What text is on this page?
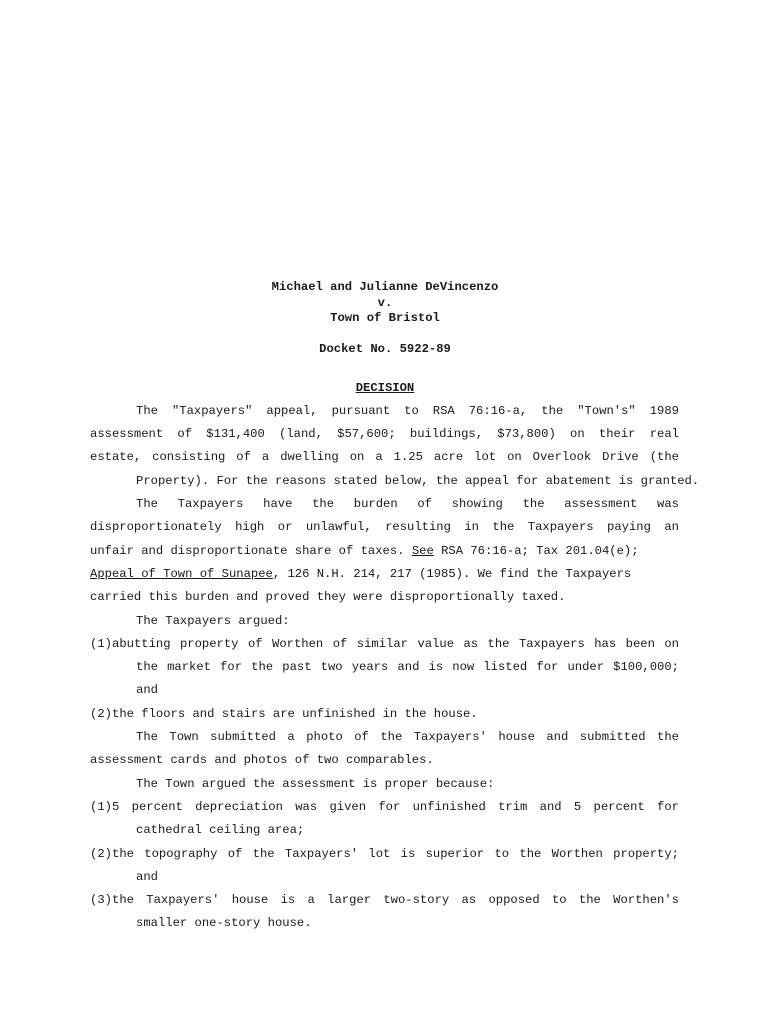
Michael and Julianne DeVincenzo
v.
Town of Bristol
Docket No. 5922-89
DECISION
The "Taxpayers" appeal, pursuant to RSA 76:16-a, the "Town's" 1989
assessment of $131,400 (land, $57,600; buildings, $73,800) on their real
estate, consisting of a dwelling on a 1.25 acre lot on Overlook Drive (the
Property). For the reasons stated below, the appeal for abatement is granted.
The Taxpayers have the burden of showing the assessment was
disproportionately high or unlawful, resulting in the Taxpayers paying an
unfair and disproportionate share of taxes. See RSA 76:16-a; Tax 201.04(e);
Appeal of Town of Sunapee, 126 N.H. 214, 217 (1985). We find the Taxpayers
carried this burden and proved they were disproportionally taxed.
The Taxpayers argued:
(1) abutting property of Worthen of similar value as the Taxpayers has been on
the market for the past two years and is now listed for under $100,000;
and
(2) the floors and stairs are unfinished in the house.
The Town submitted a photo of the Taxpayers' house and submitted the
assessment cards and photos of two comparables.
The Town argued the assessment is proper because:
(1) 5 percent depreciation was given for unfinished trim and 5 percent for
cathedral ceiling area;
(2) the topography of the Taxpayers' lot is superior to the Worthen property;
and
(3) the Taxpayers' house is a larger two-story as opposed to the Worthen's
smaller one-story house.
